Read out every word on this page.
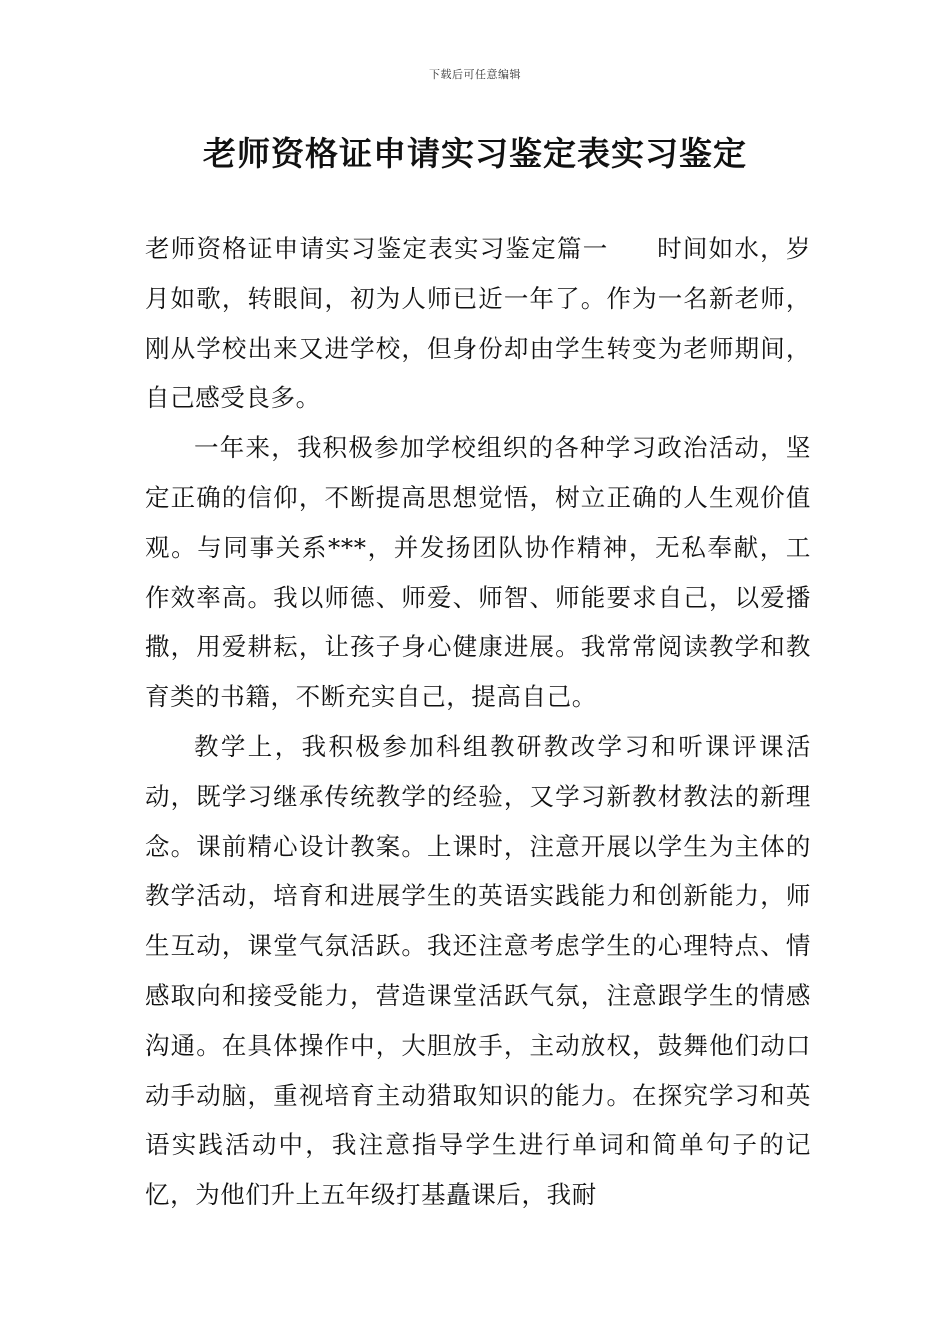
下载后可任意编辑
老师资格证申请实习鉴定表实习鉴定

老师资格证申请实习鉴定表实习鉴定篇一 时间如水，岁月如歌，转眼间，初为人师已近一年了。作为一名新老师，刚从学校出来又进学校，但身份却由学生转变为老师期间，自己感受良多。

一年来，我积极参加学校组织的各种学习政治活动，坚定正确的信仰，不断提高思想觉悟，树立正确的人生观价值观。与同事关系***，并发扬团队协作精神，无私奉献，工作效率高。我以师德、师爱、师智、师能要求自己，以爱播撒，用爱耕耘，让孩子身心健康进展。我常常阅读教学和教育类的书籍，不断充实自己，提高自己。

教学上，我积极参加科组教研教改学习和听课评课活动，既学习继承传统教学的经验，又学习新教材教法的新理念。课前精心设计教案。上课时，注意开展以学生为主体的教学活动，培育和进展学生的英语实践能力和创新能力，师生互动，课堂气氛活跃。我还注意考虑学生的心理特点、情感取向和接受能力，营造课堂活跃气氛，注意跟学生的情感沟通。在具体操作中，大胆放手，主动放权，鼓舞他们动口动手动脑，重视培育主动猎取知识的能力。在探究学习和英语实践活动中，我注意指导学生进行单词和简单句子的记忆，为他们升上五年级打基矗课后，我耐
